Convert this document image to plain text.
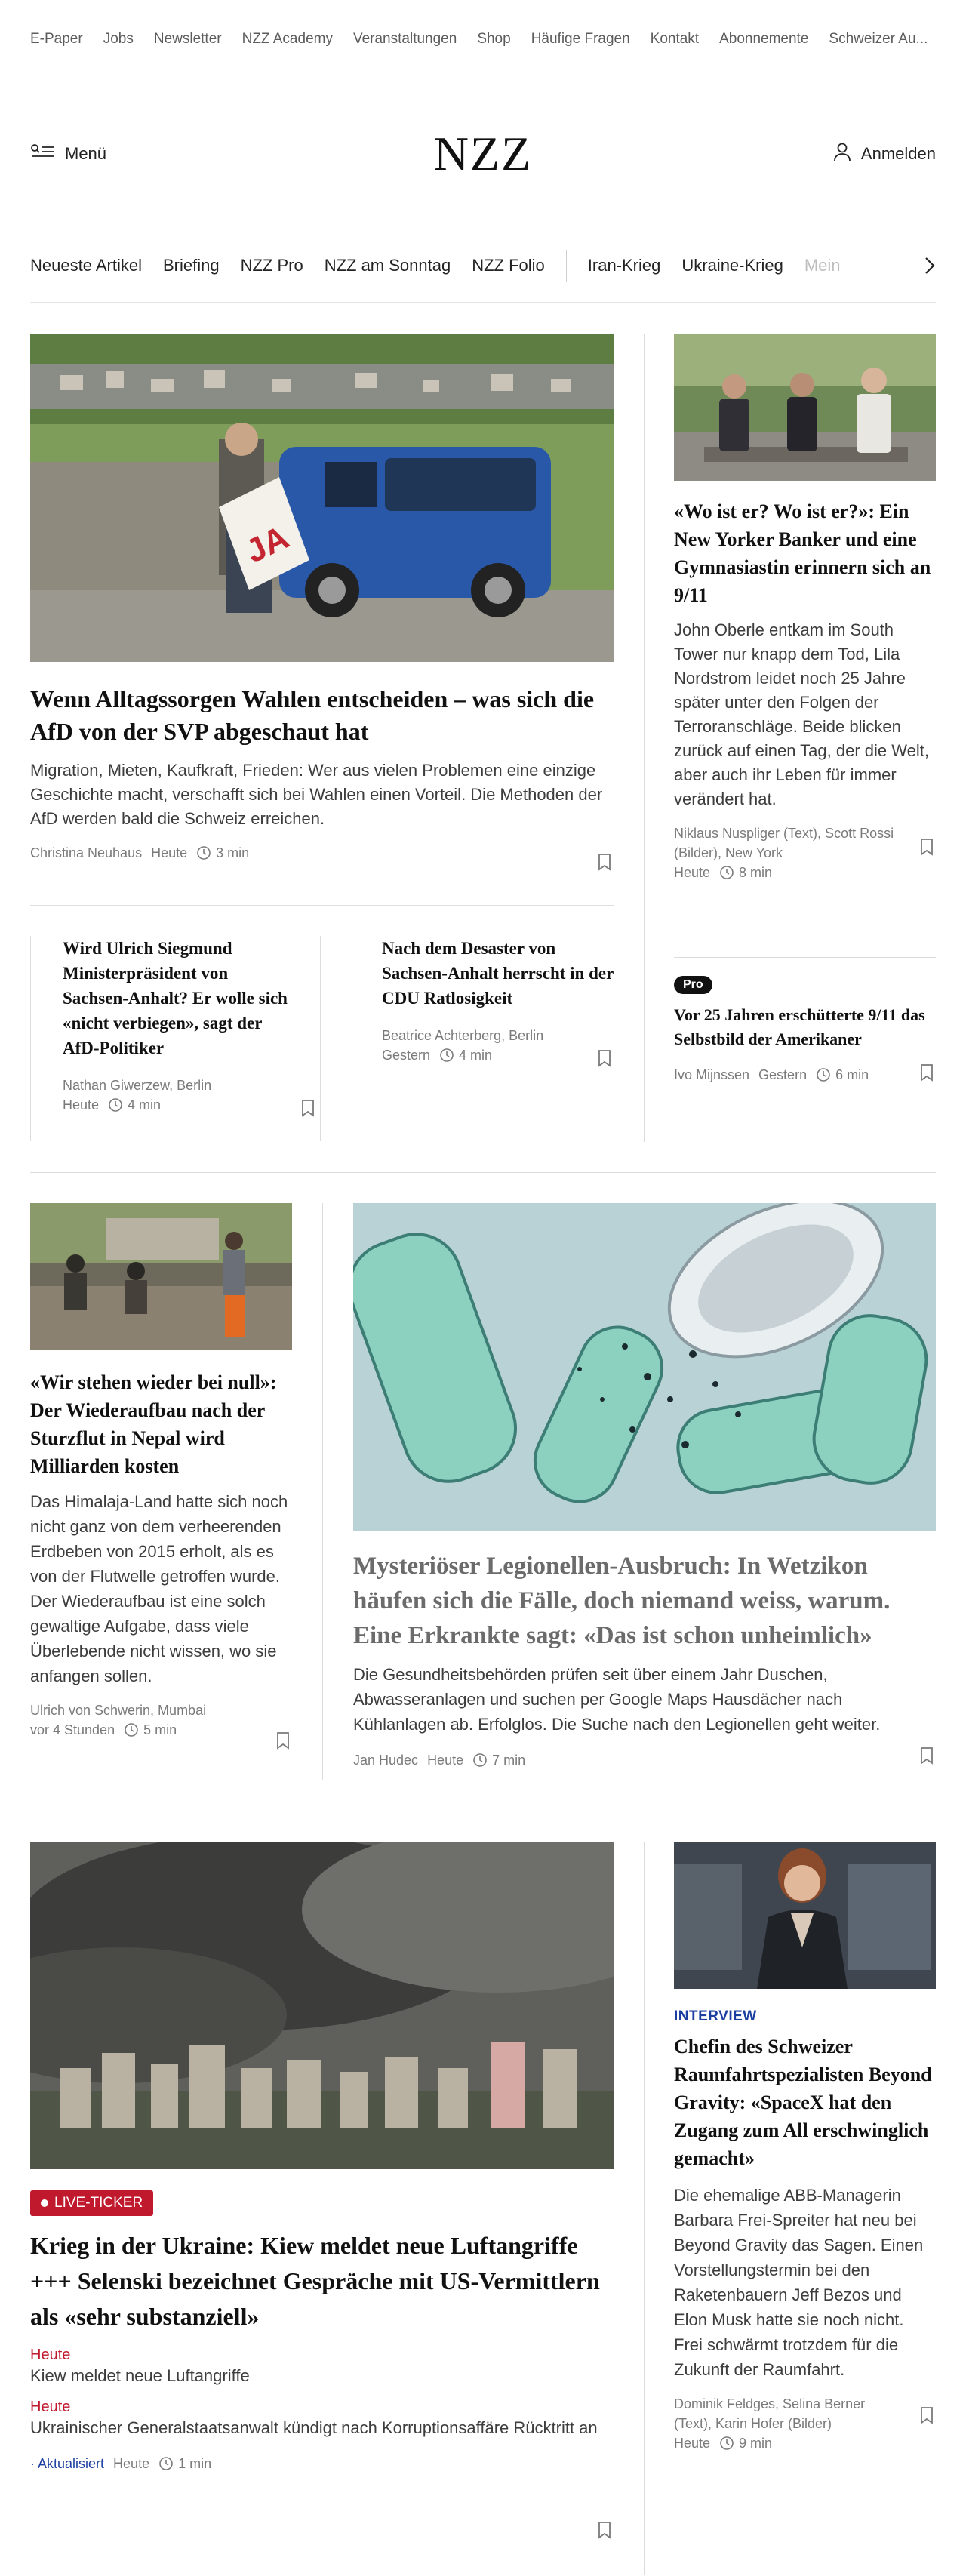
E-Paper Jobs Newsletter NZZ Academy Veranstaltungen Shop Häufige Fragen Kontakt Abonnemente Schweizer Au...
Menü	NZZ	Anmelden
Neueste Artikel Briefing NZZ Pro NZZ am Sonntag NZZ Folio	Iran-Krieg Ukraine-Krieg Mein
JA
Wenn Alltagssorgen Wahlen entscheiden – was sich die AfD von der SVP abgeschaut hat

Migration, Mieten, Kaufkraft, Frieden: Wer aus vielen Problemen eine einzige Geschichte macht, verschafft sich bei Wahlen einen Vorteil. Die Methoden der AfD werden bald die Schweiz erreichen.

Christina Neuhaus Heute 3 min
Wird Ulrich Siegmund Ministerpräsident von Sachsen-Anhalt? Er wolle sich «nicht verbiegen», sagt der AfD-Politiker
Nathan Giwerzew, Berlin
Heute 4 min
Nach dem Desaster von Sachsen-Anhalt herrscht in der CDU Ratlosigkeit
Beatrice Achterberg, Berlin
Gestern 4 min
«Wo ist er? Wo ist er?»: Ein New Yorker Banker und eine Gymnasiastin erinnern sich an 9/11

John Oberle entkam im South Tower nur knapp dem Tod, Lila Nordstrom leidet noch 25 Jahre später unter den Folgen der Terroranschläge. Beide blicken zurück auf einen Tag, der die Welt, aber auch ihr Leben für immer verändert hat.

Niklaus Nuspliger (Text), Scott Rossi (Bilder), New York
Heute 8 min
Pro
Vor 25 Jahren erschütterte 9/11 das Selbstbild der Amerikaner
Ivo Mijnssen Gestern 6 min
«Wir stehen wieder bei null»: Der Wiederaufbau nach der Sturzflut in Nepal wird Milliarden kosten

Das Himalaja-Land hatte sich noch nicht ganz von dem verheerenden Erdbeben von 2015 erholt, als es von der Flutwelle getroffen wurde. Der Wiederaufbau ist eine solch gewaltige Aufgabe, dass viele Überlebende nicht wissen, wo sie anfangen sollen.

Ulrich von Schwerin, Mumbai
vor 4 Stunden 5 min
Mysteriöser Legionellen-Ausbruch: In Wetzikon häufen sich die Fälle, doch niemand weiss, warum. Eine Erkrankte sagt: «Das ist schon unheimlich»

Die Gesundheitsbehörden prüfen seit über einem Jahr Duschen, Abwasseranlagen und suchen per Google Maps Hausdächer nach Kühlanlagen ab. Erfolglos. Die Suche nach den Legionellen geht weiter.

Jan Hudec Heute 7 min
LIVE-TICKER
Krieg in der Ukraine: Kiew meldet neue Luftangriffe +++ Selenski bezeichnet Gespräche mit US-Vermittlern als «sehr substanziell»
Heute
Kiew meldet neue Luftangriffe
Heute
Ukrainischer Generalstaatsanwalt kündigt nach Korruptionsaffäre Rücktritt an
· Aktualisiert Heute 1 min
INTERVIEW
Chefin des Schweizer Raumfahrtspezialisten Beyond Gravity: «SpaceX hat den Zugang zum All erschwinglich gemacht»

Die ehemalige ABB-Managerin Barbara Frei-Spreiter hat neu bei Beyond Gravity das Sagen. Einen Vorstellungstermin bei den Raketenbauern Jeff Bezos und Elon Musk hatte sie noch nicht. Frei schwärmt trotzdem für die Zukunft der Raumfahrt.

Dominik Feldges, Selina Berner (Text), Karin Hofer (Bilder)
Heute 9 min
